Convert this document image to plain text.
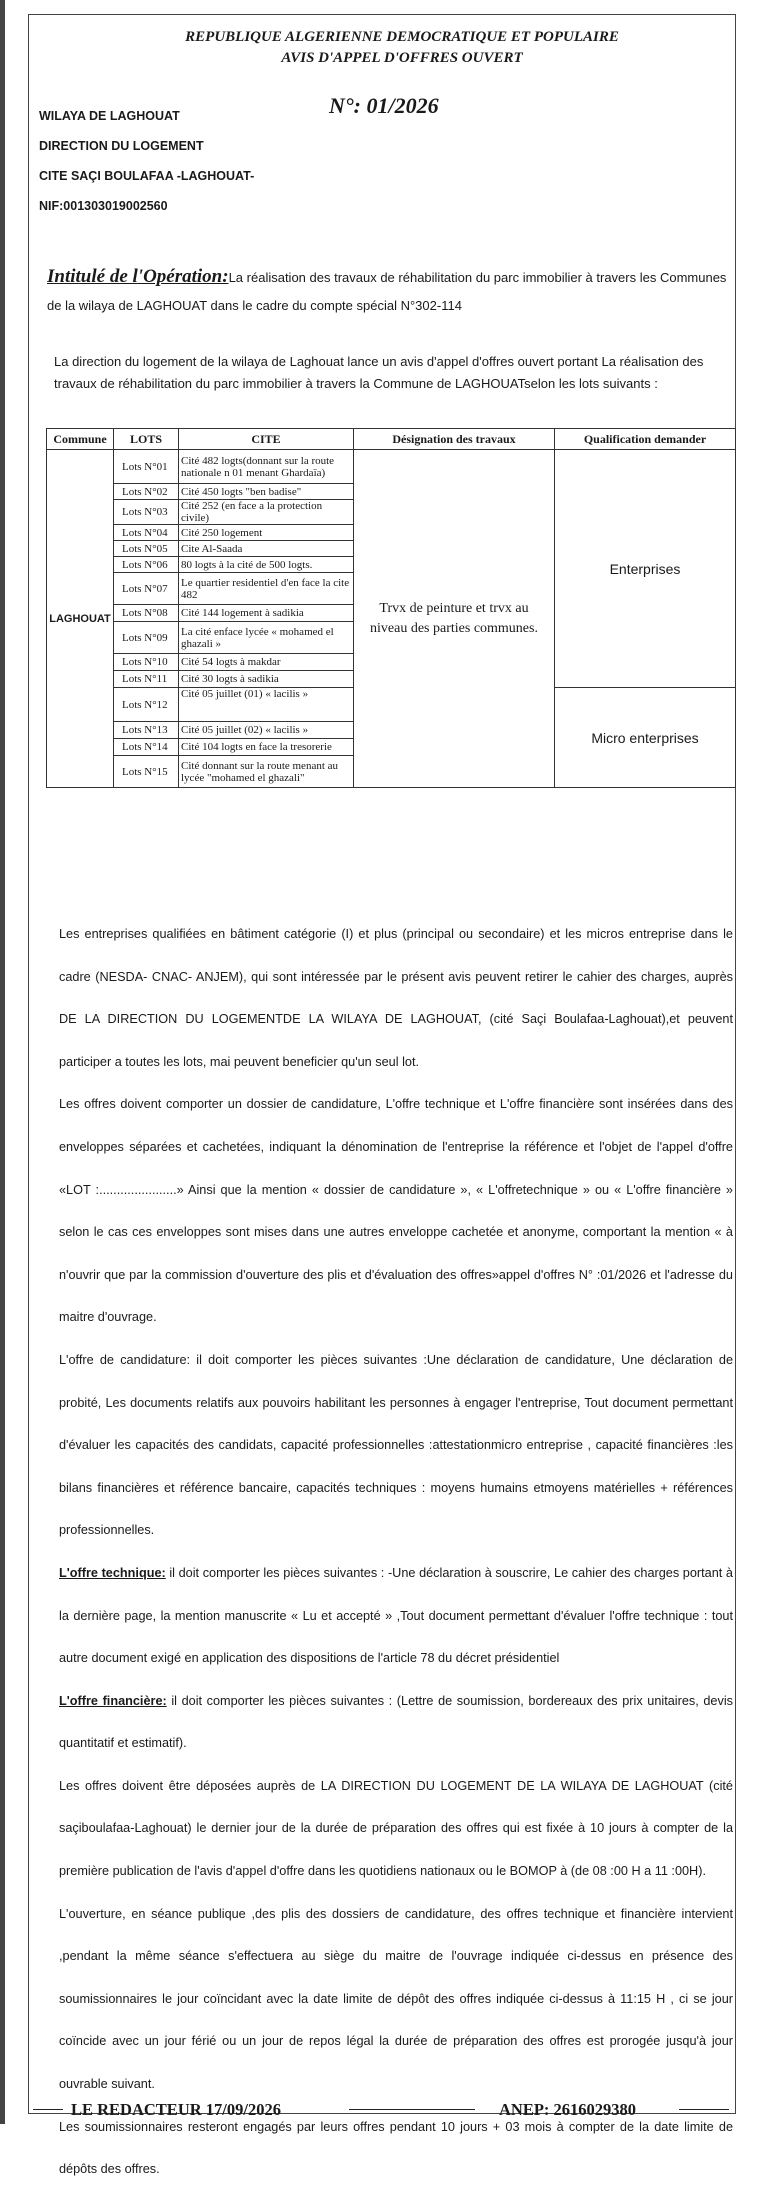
REPUBLIQUE ALGERIENNE DEMOCRATIQUE ET POPULAIRE
AVIS D'APPEL D'OFFRES OUVERT
N°: 01/2026
WILAYA DE LAGHOUAT
DIRECTION DU LOGEMENT
CITE SAÇI BOULAFAA -LAGHOUAT-
NIF:001303019002560
Intitulé de l'Opération:La réalisation des travaux de réhabilitation du parc immobilier à travers les Communes de la wilaya de LAGHOUAT dans le cadre du compte spécial N°302-114
La direction du logement de la wilaya de Laghouat lance un avis d'appel d'offres ouvert portant La réalisation des travaux de réhabilitation du parc immobilier à travers la Commune de LAGHOUATselon les lots suivants :
Commune	LOTS	CITE	Désignation des travaux	Qualification demander
LAGHOUAT	Lots N°01	Cité 482 logts(donnant sur la route nationale n 01 menant Ghardaïa)	Trvx de peinture et trvx au niveau des parties communes.	Enterprises
	Lots N°02	Cité 450 logts "ben badise"		
	Lots N°03	Cité 252 (en face a la protection civile)		
	Lots N°04	Cité 250 logement		
	Lots N°05	Cite Al-Saada		
	Lots N°06	80 logts à la cité de 500 logts.		
	Lots N°07	Le quartier residentiel d'en face la cite 482		
	Lots N°08	Cité 144 logement à sadikia		
	Lots N°09	La cité enface lycée « mohamed el ghazali »		
	Lots N°10	Cité 54 logts à makdar		
	Lots N°11	Cité 30 logts à sadikia		
	Lots N°12	Cité 05 juillet (01) « lacilis »		Micro enterprises
	Lots N°13	Cité 05 juillet (02) « lacilis »		
	Lots N°14	Cité 104 logts en face la tresorerie		
	Lots N°15	Cité donnant sur la route menant au lycée "mohamed el ghazali"		

Les entreprises qualifiées en bâtiment catégorie (I) et plus (principal ou secondaire) et les micros entreprise dans le cadre (NESDA- CNAC- ANJEM), qui sont intéressée par le présent avis peuvent retirer le cahier des charges, auprès DE LA DIRECTION DU LOGEMENTDE LA WILAYA DE LAGHOUAT, (cité Saçi Boulafaa-Laghouat),et peuvent participer a toutes les lots, mai peuvent beneficier qu'un seul lot.

Les offres doivent comporter un dossier de candidature, L'offre technique et L'offre financière sont insérées dans des enveloppes séparées et cachetées, indiquant la dénomination de l'entreprise la référence et l'objet de l'appel d'offre «LOT :......................» Ainsi que la mention « dossier de candidature », « L'offretechnique » ou « L'offre financière » selon le cas ces enveloppes sont mises dans une autres enveloppe cachetée et anonyme, comportant la mention « à n'ouvrir que par la commission d'ouverture des plis et d'évaluation des offres»appel d'offres N° :01/2026 et l'adresse du maitre d'ouvrage.

L'offre de candidature: il doit comporter les pièces suivantes :Une déclaration de candidature, Une déclaration de probité, Les documents relatifs aux pouvoirs habilitant les personnes à engager l'entreprise, Tout document permettant d'évaluer les capacités des candidats, capacité professionnelles :attestationmicro entreprise , capacité financières :les bilans financières et référence bancaire, capacités techniques : moyens humains etmoyens matérielles + références professionnelles.

L'offre technique: il doit comporter les pièces suivantes : -Une déclaration à souscrire, Le cahier des charges portant à la dernière page, la mention manuscrite « Lu et accepté » ,Tout document permettant d'évaluer l'offre technique : tout autre document exigé en application des dispositions de l'article 78 du décret présidentiel

L'offre financière: il doit comporter les pièces suivantes : (Lettre de soumission, bordereaux des prix unitaires, devis quantitatif et estimatif).

Les offres doivent être déposées auprès de LA DIRECTION DU LOGEMENT DE LA WILAYA DE LAGHOUAT (cité saçiboulafaa-Laghouat) le dernier jour de la durée de préparation des offres qui est fixée à 10 jours à compter de la première publication de l'avis d'appel d'offre dans les quotidiens nationaux ou le BOMOP à (de 08 :00 H a 11 :00H).

L'ouverture, en séance publique ,des plis des dossiers de candidature, des offres technique et financière intervient ,pendant la même séance s'effectuera au siège du maitre de l'ouvrage indiquée ci-dessus en présence des soumissionnaires le jour coïncidant avec la date limite de dépôt des offres indiquée ci-dessus à 11:15 H , ci se jour coïncide avec un jour férié ou un jour de repos légal la durée de préparation des offres est prorogée jusqu'à jour ouvrable suivant.

Les soumissionnaires resteront engagés par leurs offres pendant 10 jours + 03 mois à compter de la date limite de dépôts des offres.

LE REDACTEUR 17/09/2026	ANEP: 2616029380
